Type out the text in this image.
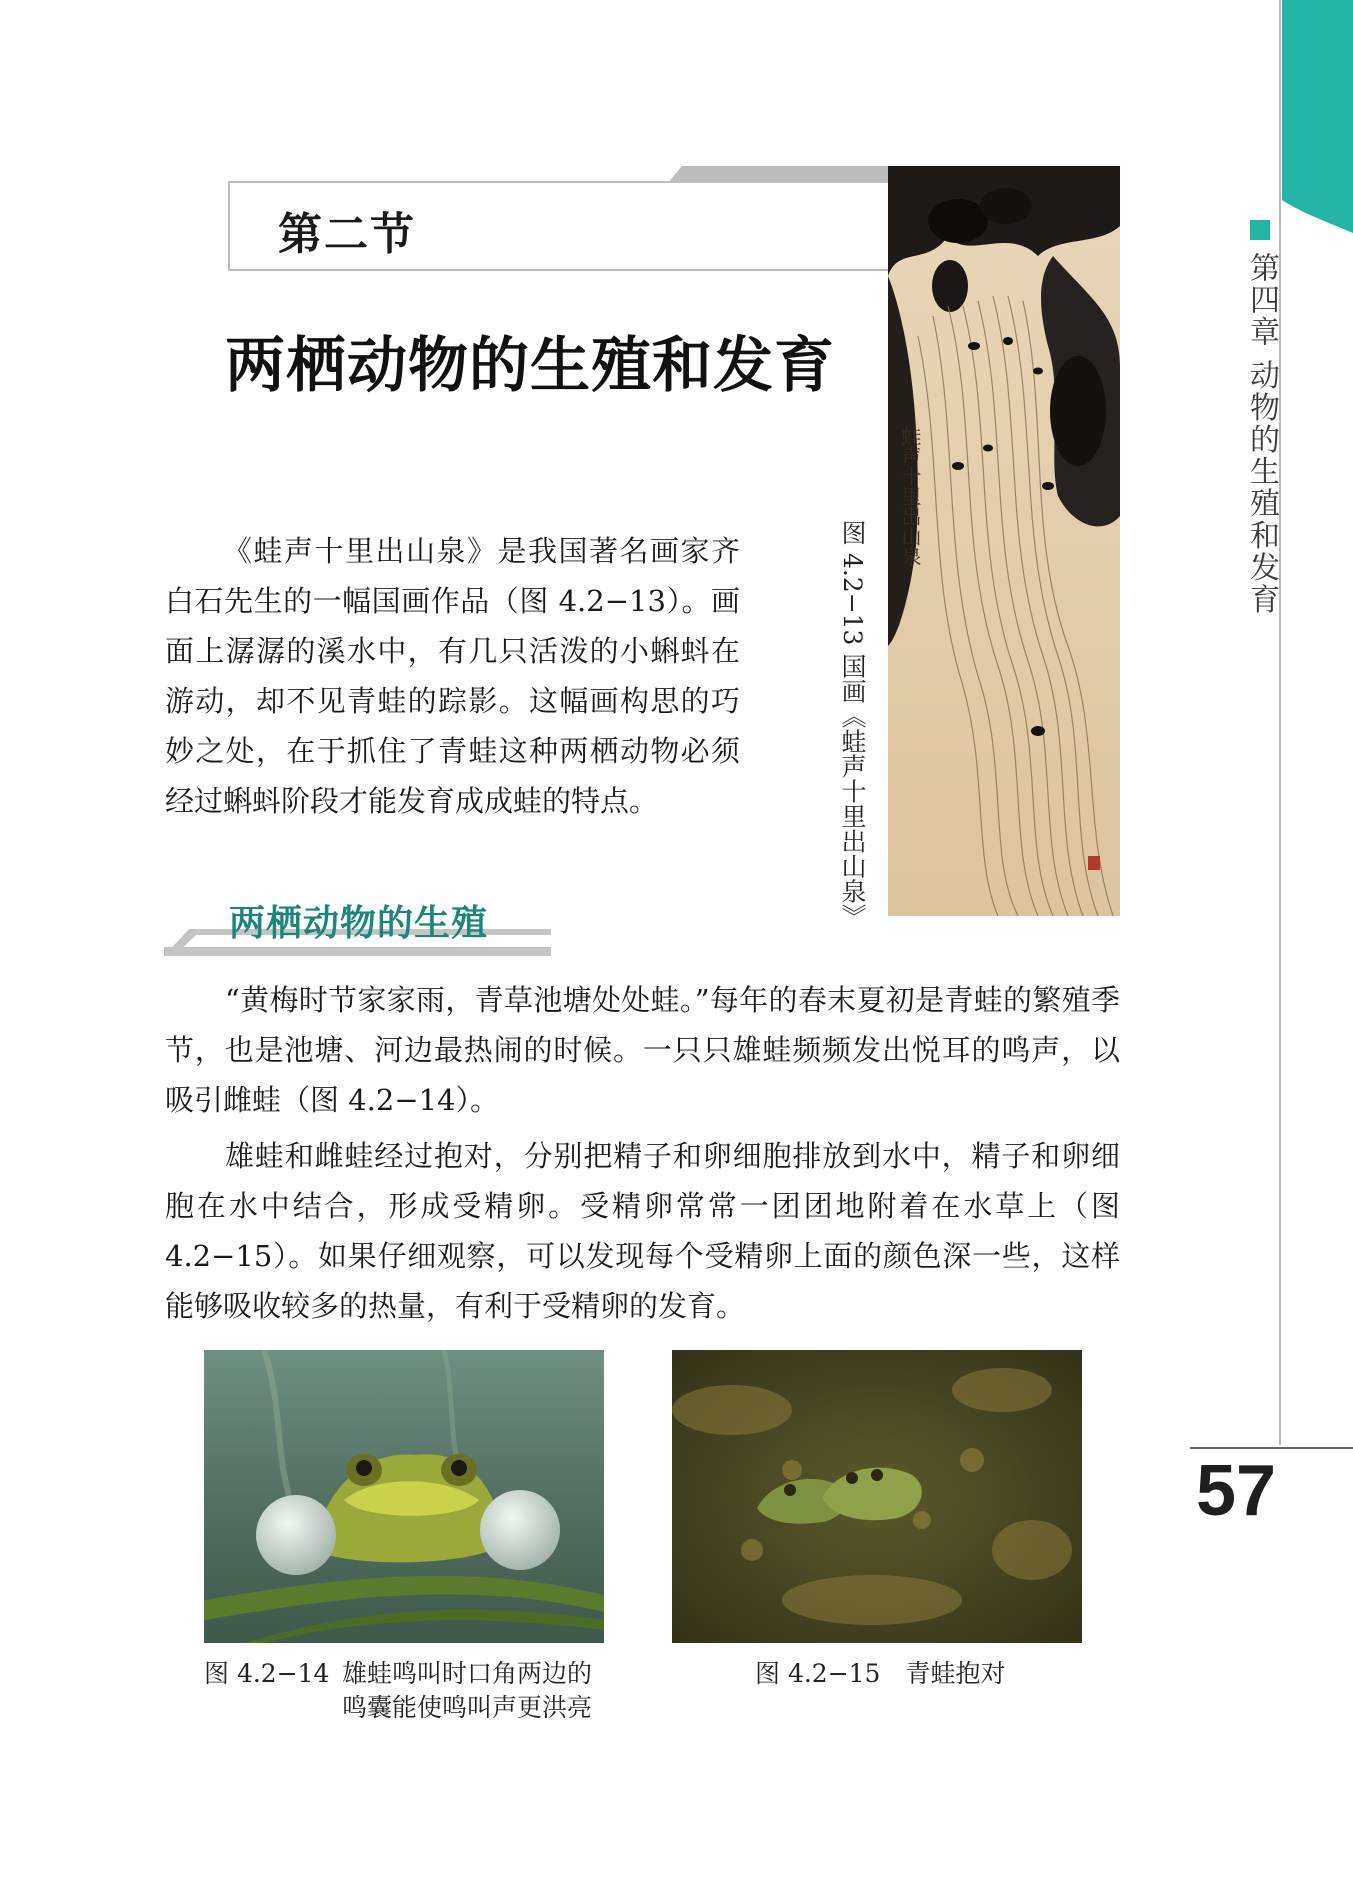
第四章 动物的生殖和发育
57
第二节
两栖动物的生殖和发育
蛙声十里出山泉
图 4.2−13 国画《蛙声十里出山泉》

《蛙声十里出山泉》是我国著名画家齐白石先生的一幅国画作品（图 4.2−13）。画面上潺潺的溪水中，有几只活泼的小蝌蚪在游动，却不见青蛙的踪影。这幅画构思的巧妙之处，在于抓住了青蛙这种两栖动物必须经过蝌蚪阶段才能发育成成蛙的特点。

两栖动物的生殖

“黄梅时节家家雨，青草池塘处处蛙。”每年的春末夏初是青蛙的繁殖季节，也是池塘、河边最热闹的时候。一只只雄蛙频频发出悦耳的鸣声，以吸引雌蛙（图 4.2−14）。

雄蛙和雌蛙经过抱对，分别把精子和卵细胞排放到水中，精子和卵细胞在水中结合，形成受精卵。受精卵常常一团团地附着在水草上（图 4.2−15）。如果仔细观察，可以发现每个受精卵上面的颜色深一些，这样能够吸收较多的热量，有利于受精卵的发育。

图 4.2−14 雄蛙鸣叫时口角两边的鸣囊能使鸣叫声更洪亮
图 4.2−15　青蛙抱对
